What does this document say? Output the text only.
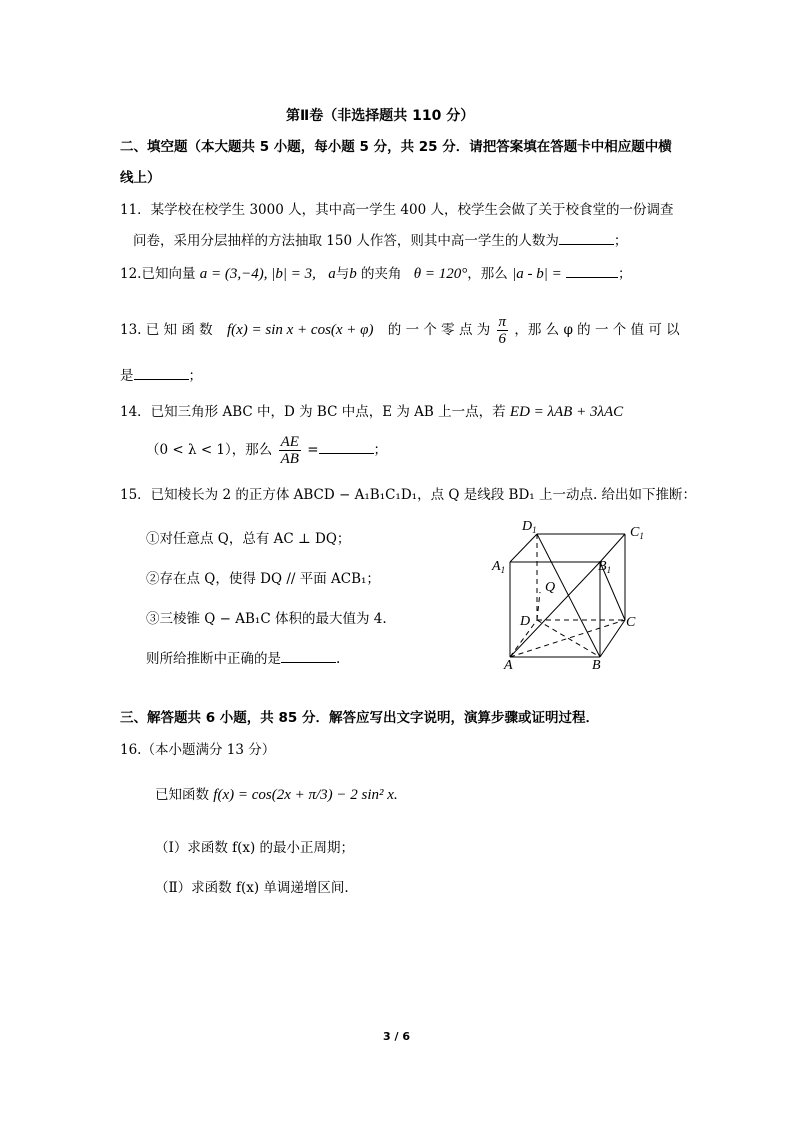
第Ⅱ卷（非选择题共 110 分）
二、填空题（本大题共 5 小题，每小题 5 分，共 25 分．请把答案填在答题卡中相应题中横
线上）
11．某学校在校学生 3000 人，其中高一学生 400 人，校学生会做了关于校食堂的一份调查
问卷，采用分层抽样的方法抽取 150 人作答，则其中高一学生的人数为	；
12.已知向量 a = (3,−4), |b| = 3, a与b 的夹角 θ = 120°，那么 |a - b| =	；
13. 已 知 函 数 f(x) = sin x + cos(x + φ) 的 一 个 零 点 为 $\frac{\pi}{6}$ ，那 么 φ 的 一 个 值 可 以
是	；
14．已知三角形 ABC 中，D 为 BC 中点，E 为 AB 上一点，若 ED = λAB + 3λAC
（0 < λ < 1），那么 $\frac{AE}{AB}$ =	；
15．已知棱长为 2 的正方体 ABCD − A₁B₁C₁D₁，点 Q 是线段 BD₁ 上一动点. 给出如下推断：
①对任意点 Q，总有 AC ⊥ DQ；
②存在点 Q，使得 DQ // 平面 ACB₁；
③三棱锥 Q − AB₁C 体积的最大值为 4.
则所给推断中正确的是	.
$D_1$	$C_1$
$A_1$	$B_1$
Q
D	C
A	B
三、解答题共 6 小题，共 85 分．解答应写出文字说明，演算步骤或证明过程．
16.（本小题满分 13 分）
已知函数 f(x) = cos(2x + π/3) − 2 sin² x.
（Ⅰ）求函数 f(x) 的最小正周期；
（Ⅱ）求函数 f(x) 单调递增区间.
3 / 6
